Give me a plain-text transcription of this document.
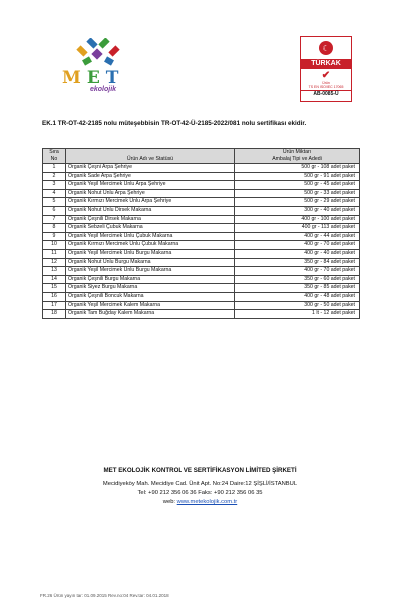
MET
ekolojik
☾
TÜRKAK
✔
Ürün
TS EN ISO/IEC 17065
AB-0085-Ü
EK.1 TR-OT-42-2185 nolu müteşebbisin TR-OT-42-Ü-2185-2022/081 nolu sertifikası ekidir.
Sıra
No	Ürün Adı ve Statüsü	Ürün Miktarı
Ambalaj Tipi ve Adedi

1	Organik Çeşni Arpa Şehriye	500 gr - 108 adet paket
2	Organik Sade Arpa Şehriye	500 gr - 91 adet paket
3	Organik Yeşil Mercimek Unlu Arpa Şehriye	500 gr - 45 adet paket
4	Organik Nohut Unlu Arpa Şehriye	500 gr - 33 adet paket
5	Organik Kırmızı Mercimek Unlu Arpa Şehriye	500 gr - 29 adet paket
6	Organik Nohut Unlu Dirsek Makarna	300 gr - 40 adet paket
7	Organik Çeşnili Dirsek Makarna	400 gr - 100 adet paket
8	Organik Sebzeli Çubuk Makarna	400 gr - 113 adet paket
9	Organik Yeşil Mercimek Unlu Çubuk Makarna	400 gr - 44 adet paket
10	Organik Kırmızı Mercimek Unlu Çubuk Makarna	400 gr - 70 adet paket
11	Organik Yeşil Mercimek Unlu Burgu Makarna	400 gr - 40 adet paket
12	Organik Nohut Unlu Burgu Makarna	350 gr - 84 adet paket
13	Organik Yeşil Mercimek Unlu Burgu Makarna	400 gr - 70 adet paket
14	Organik Çeşnili Burgu Makarna	350 gr - 60 adet paket
15	Organik Siyez Burgu Makarna	350 gr - 85 adet paket
16	Organik Çeşnili Boncuk Makarna	400 gr - 48 adet paket
17	Organik Yeşil Mercimek Kalem Makarna	300 gr - 50 adet paket
18	Organik Tam Buğday Kalem Makarna	1 lt - 12 adet paket
MET EKOLOJİK KONTROL VE SERTİFİKASYON LİMİTED ŞİRKETİ
Mecidiyeköy Mah. Mecidiye Cad. Ünit Apt. No:24 Daire:12 ŞİŞLİ/İSTANBUL
Tel: +90 212 356 06 36 Faks: +90 212 356 06 35
web: www.metekolojik.com.tr
FR.26 Ürün yayın tar: 01.09.2015 Rev.no:04 Rev.tar: 04.01.2018
